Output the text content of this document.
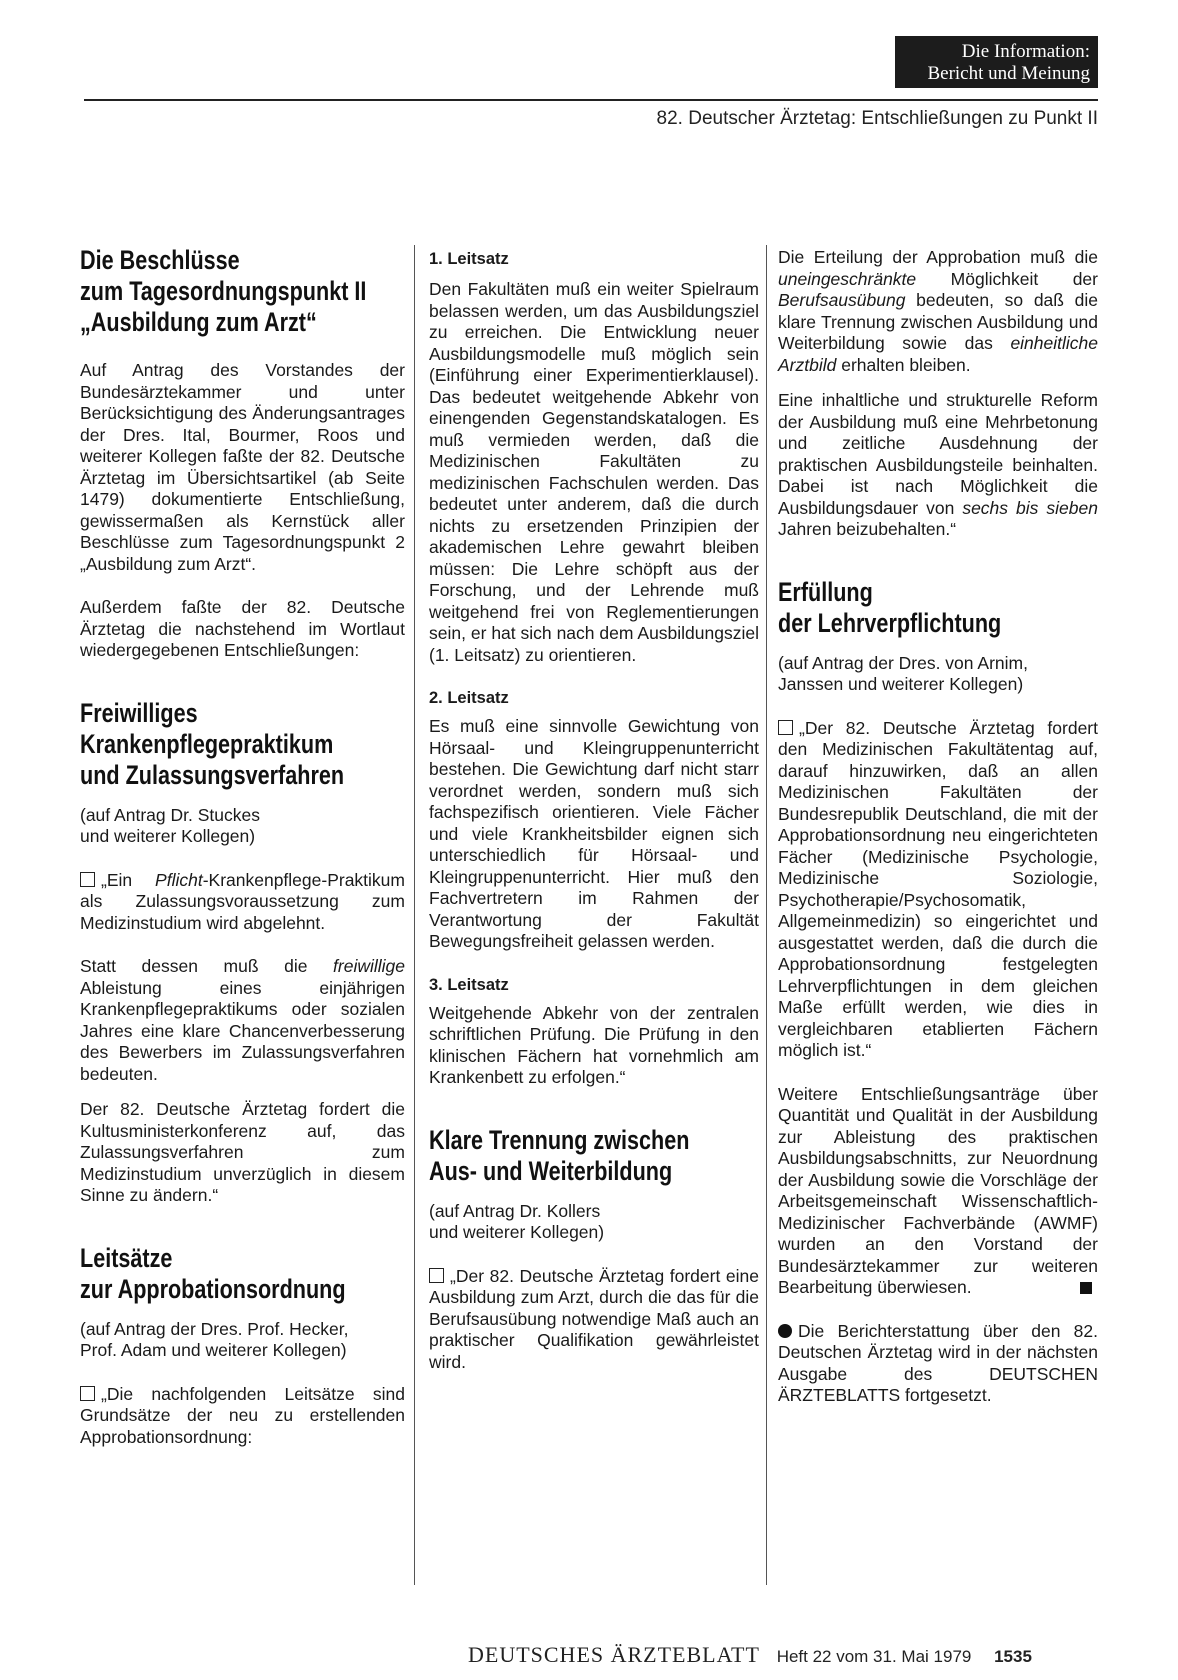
Die Information:
Bericht und Meinung
82. Deutscher Ärztetag: Entschließungen zu Punkt II
Die Beschlüsse
zum Tagesordnungspunkt II
„Ausbildung zum Arzt“

Auf Antrag des Vorstandes der Bundesärztekammer und unter Berücksichtigung des Änderungsantrages der Dres. Ital, Bourmer, Roos und weiterer Kollegen faßte der 82. Deutsche Ärztetag im Übersichtsartikel (ab Seite 1479) dokumentierte Entschließung, gewissermaßen als Kernstück aller Beschlüsse zum Tagesordnungspunkt 2 „Ausbildung zum Arzt“.

Außerdem faßte der 82. Deutsche Ärztetag die nachstehend im Wortlaut wiedergegebenen Entschließungen:

Freiwilliges
Krankenpflegepraktikum
und Zulassungsverfahren

(auf Antrag Dr. Stuckes
und weiterer Kollegen)

„Ein Pflicht-Krankenpflege-Praktikum als Zulassungsvoraussetzung zum Medizinstudium wird abgelehnt.

Statt dessen muß die freiwillige Ableistung eines einjährigen Krankenpflegepraktikums oder sozialen Jahres eine klare Chancenverbesserung des Bewerbers im Zulassungsverfahren bedeuten.

Der 82. Deutsche Ärztetag fordert die Kultusministerkonferenz auf, das Zulassungsverfahren zum Medizinstudium unverzüglich in diesem Sinne zu ändern.“

Leitsätze
zur Approbationsordnung

(auf Antrag der Dres. Prof. Hecker,
Prof. Adam und weiterer Kollegen)

„Die nachfolgenden Leitsätze sind Grundsätze der neu zu erstellenden Approbationsordnung:

1. Leitsatz

Den Fakultäten muß ein weiter Spielraum belassen werden, um das Ausbildungsziel zu erreichen. Die Entwicklung neuer Ausbildungsmodelle muß möglich sein (Einführung einer Experimentierklausel). Das bedeutet weitgehende Abkehr von einengenden Gegenstandskatalogen. Es muß vermieden werden, daß die Medizinischen Fakultäten zu medizinischen Fachschulen werden. Das bedeutet unter anderem, daß die durch nichts zu ersetzenden Prinzipien der akademischen Lehre gewahrt bleiben müssen: Die Lehre schöpft aus der Forschung, und der Lehrende muß weitgehend frei von Reglementierungen sein, er hat sich nach dem Ausbildungsziel (1. Leitsatz) zu orientieren.

2. Leitsatz

Es muß eine sinnvolle Gewichtung von Hörsaal- und Kleingruppenunterricht bestehen. Die Gewichtung darf nicht starr verordnet werden, sondern muß sich fachspezifisch orientieren. Viele Fächer und viele Krankheitsbilder eignen sich unterschiedlich für Hörsaal- und Kleingruppenunterricht. Hier muß den Fachvertretern im Rahmen der Verantwortung der Fakultät Bewegungsfreiheit gelassen werden.

3. Leitsatz

Weitgehende Abkehr von der zentralen schriftlichen Prüfung. Die Prüfung in den klinischen Fächern hat vornehmlich am Krankenbett zu erfolgen.“

Klare Trennung zwischen
Aus- und Weiterbildung

(auf Antrag Dr. Kollers
und weiterer Kollegen)

„Der 82. Deutsche Ärztetag fordert eine Ausbildung zum Arzt, durch die das für die Berufsausübung notwendige Maß auch an praktischer Qualifikation gewährleistet wird.

Die Erteilung der Approbation muß die uneingeschränkte Möglichkeit der Berufsausübung bedeuten, so daß die klare Trennung zwischen Ausbildung und Weiterbildung sowie das einheitliche Arztbild erhalten bleiben.

Eine inhaltliche und strukturelle Reform der Ausbildung muß eine Mehrbetonung und zeitliche Ausdehnung der praktischen Ausbildungsteile beinhalten. Dabei ist nach Möglichkeit die Ausbildungsdauer von sechs bis sieben Jahren beizubehalten.“

Erfüllung
der Lehrverpflichtung

(auf Antrag der Dres. von Arnim, Janssen und weiterer Kollegen)

„Der 82. Deutsche Ärztetag fordert den Medizinischen Fakultätentag auf, darauf hinzuwirken, daß an allen Medizinischen Fakultäten der Bundesrepublik Deutschland, die mit der Approbationsordnung neu eingerichteten Fächer (Medizinische Psychologie, Medizinische Soziologie, Psychotherapie/Psychosomatik, Allgemeinmedizin) so eingerichtet und ausgestattet werden, daß die durch die Approbationsordnung festgelegten Lehrverpflichtungen in dem gleichen Maße erfüllt werden, wie dies in vergleichbaren etablierten Fächern möglich ist.“

Weitere Entschließungsanträge über Quantität und Qualität in der Ausbildung zur Ableistung des praktischen Ausbildungsabschnitts, zur Neuordnung der Ausbildung sowie die Vorschläge der Arbeitsgemeinschaft Wissenschaftlich-Medizinischer Fachverbände (AWMF) wurden an den Vorstand der Bundesärztekammer zur weiteren Bearbeitung überwiesen.

Die Berichterstattung über den 82. Deutschen Ärztetag wird in der nächsten Ausgabe des DEUTSCHEN ÄRZTEBLATTS fortgesetzt.

DEUTSCHES ÄRZTEBLATT Heft 22 vom 31. Mai 1979 1535
